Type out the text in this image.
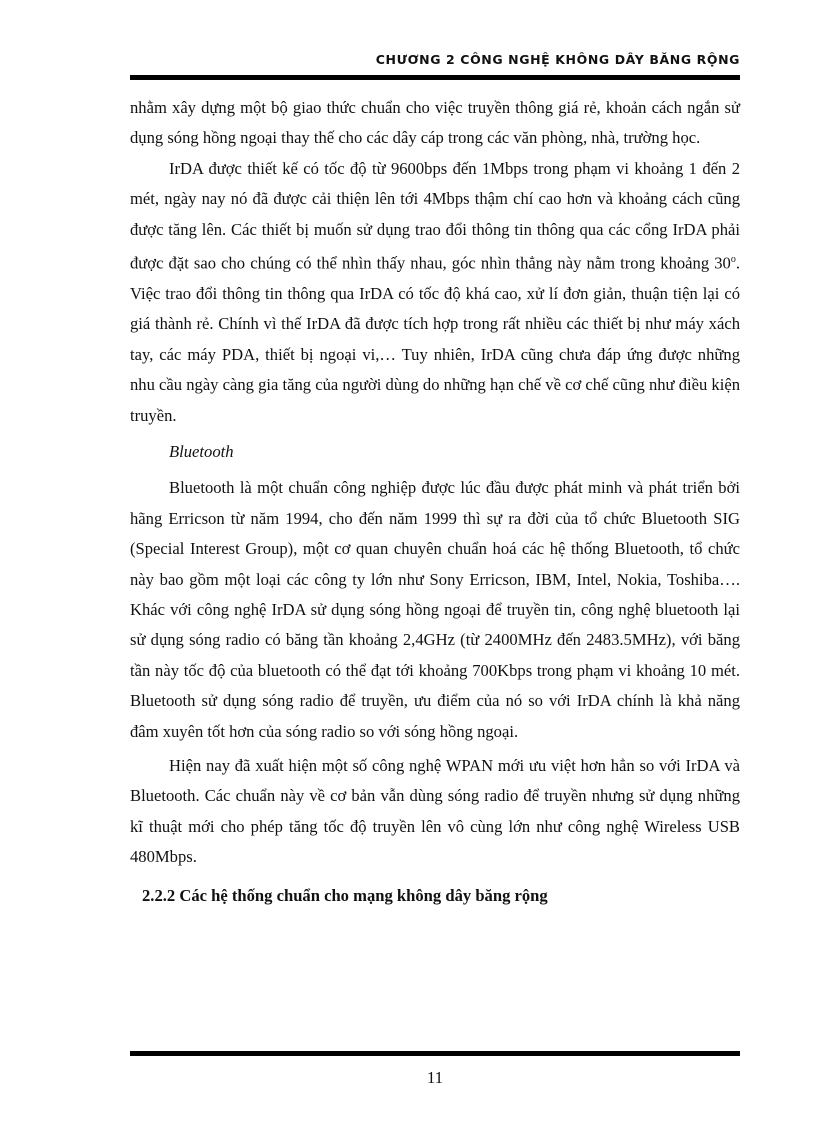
CHƯƠNG 2 CÔNG NGHỆ KHÔNG DÂY BĂNG RỘNG

nhằm xây dựng một bộ giao thức chuẩn cho việc truyền thông giá rẻ, khoản cách ngắn sử dụng sóng hồng ngoại thay thế cho các dây cáp trong các văn phòng, nhà, trường học.

IrDA được thiết kế có tốc độ từ 9600bps đến 1Mbps trong phạm vi khoảng 1 đến 2 mét, ngày nay nó đã được cải thiện lên tới 4Mbps thậm chí cao hơn và khoảng cách cũng được tăng lên. Các thiết bị muốn sử dụng trao đổi thông tin thông qua các cổng IrDA phải được đặt sao cho chúng có thể nhìn thấy nhau, góc nhìn thẳng này nằm trong khoảng 30$^o$. Việc trao đổi thông tin thông qua IrDA có tốc độ khá cao, xử lí đơn giản, thuận tiện lại có giá thành rẻ. Chính vì thế IrDA đã được tích hợp trong rất nhiều các thiết bị như máy xách tay, các máy PDA, thiết bị ngoại vi,… Tuy nhiên, IrDA cũng chưa đáp ứng được những nhu cầu ngày càng gia tăng của người dùng do những hạn chế về cơ chế cũng như điều kiện truyền.

Bluetooth

Bluetooth là một chuẩn công nghiệp được lúc đầu được phát minh và phát triển bởi hãng Erricson từ năm 1994, cho đến năm 1999 thì sự ra đời của tổ chức Bluetooth SIG (Special Interest Group), một cơ quan chuyên chuẩn hoá các hệ thống Bluetooth, tổ chức này bao gồm một loại các công ty lớn như Sony Erricson, IBM, Intel, Nokia, Toshiba…. Khác với công nghệ IrDA sử dụng sóng hồng ngoại để truyền tin, công nghệ bluetooth lại sử dụng sóng radio có băng tần khoảng 2,4GHz (từ 2400MHz đến 2483.5MHz), với băng tần này tốc độ của bluetooth có thể đạt tới khoảng 700Kbps trong phạm vi khoảng 10 mét. Bluetooth sử dụng sóng radio để truyền, ưu điểm của nó so với IrDA chính là khả năng đâm xuyên tốt hơn của sóng radio so với sóng hồng ngoại.

Hiện nay đã xuất hiện một số công nghệ WPAN mới ưu việt hơn hẳn so với IrDA và Bluetooth. Các chuẩn này về cơ bản vẫn dùng sóng radio để truyền nhưng sử dụng những kĩ thuật mới cho phép tăng tốc độ truyền lên vô cùng lớn như công nghệ Wireless USB 480Mbps.

2.2.2 Các hệ thống chuẩn cho mạng không dây băng rộng

11
